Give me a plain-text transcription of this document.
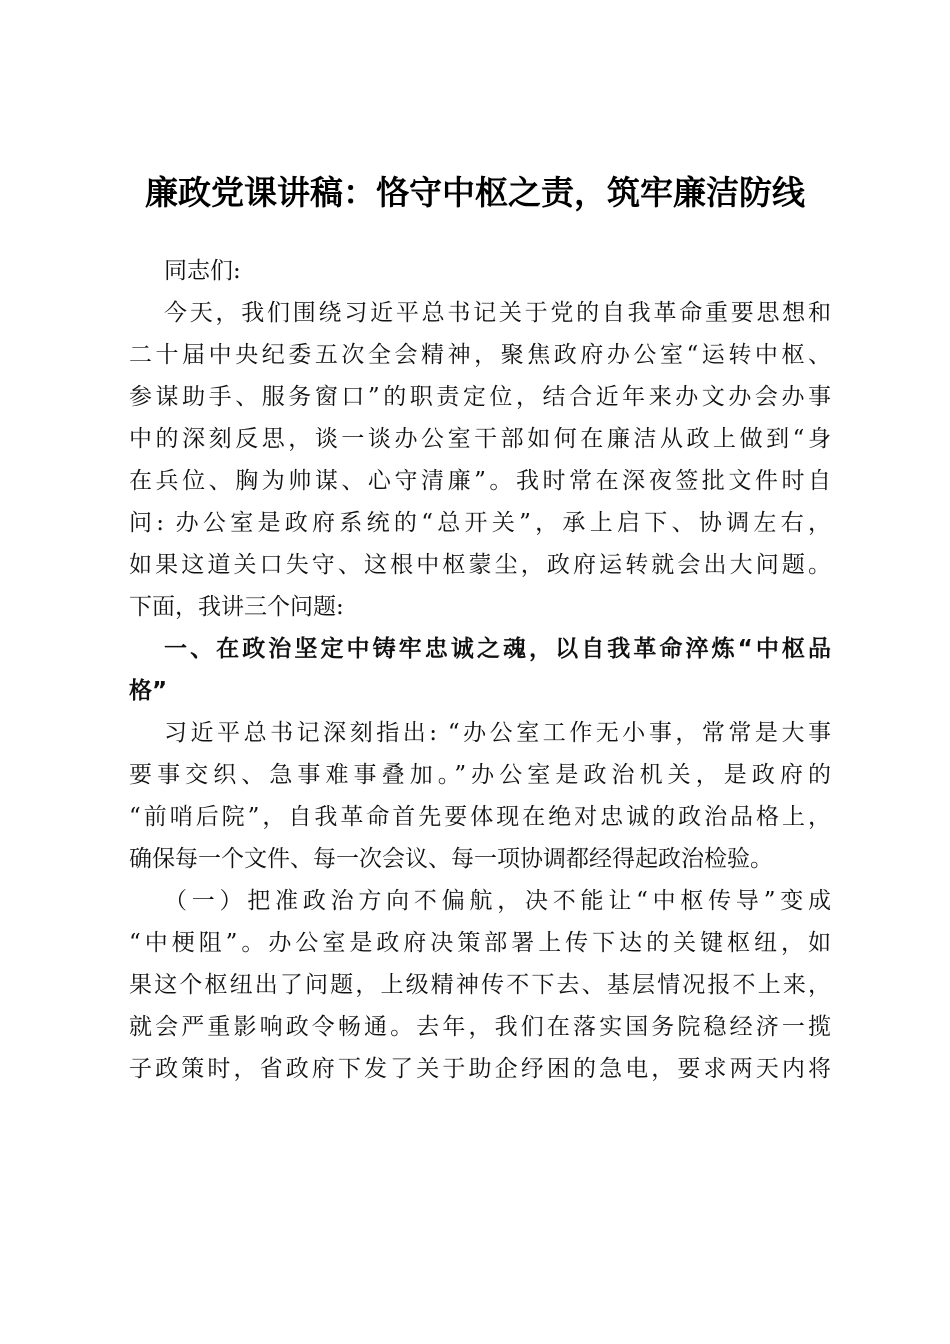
廉政党课讲稿：恪守中枢之责，筑牢廉洁防线
同志们:
今天，我们围绕习近平总书记关于党的自我革命重要思想和
二十届中央纪委五次全会精神，聚焦政府办公室“运转中枢、
参谋助手、服务窗口”的职责定位，结合近年来办文办会办事
中的深刻反思，谈一谈办公室干部如何在廉洁从政上做到“身
在兵位、胸为帅谋、心守清廉”。我时常在深夜签批文件时自
问: 办公室是政府系统的“总开关”，承上启下、协调左右，
如果这道关口失守、这根中枢蒙尘，政府运转就会出大问题。
下面，我讲三个问题:
一、在政治坚定中铸牢忠诚之魂，以自我革命淬炼“中枢品
格”
习近平总书记深刻指出: “办公室工作无小事，常常是大事
要事交织、急事难事叠加。”办公室是政治机关，是政府的
“前哨后院”，自我革命首先要体现在绝对忠诚的政治品格上，
确保每一个文件、每一次会议、每一项协调都经得起政治检验。
（一）把准政治方向不偏航，决不能让“中枢传导”变成
“中梗阻”。办公室是政府决策部署上传下达的关键枢纽，如
果这个枢纽出了问题，上级精神传不下去、基层情况报不上来，
就会严重影响政令畅通。去年，我们在落实国务院稳经济一揽
子政策时，省政府下发了关于助企纾困的急电，要求两天内将
